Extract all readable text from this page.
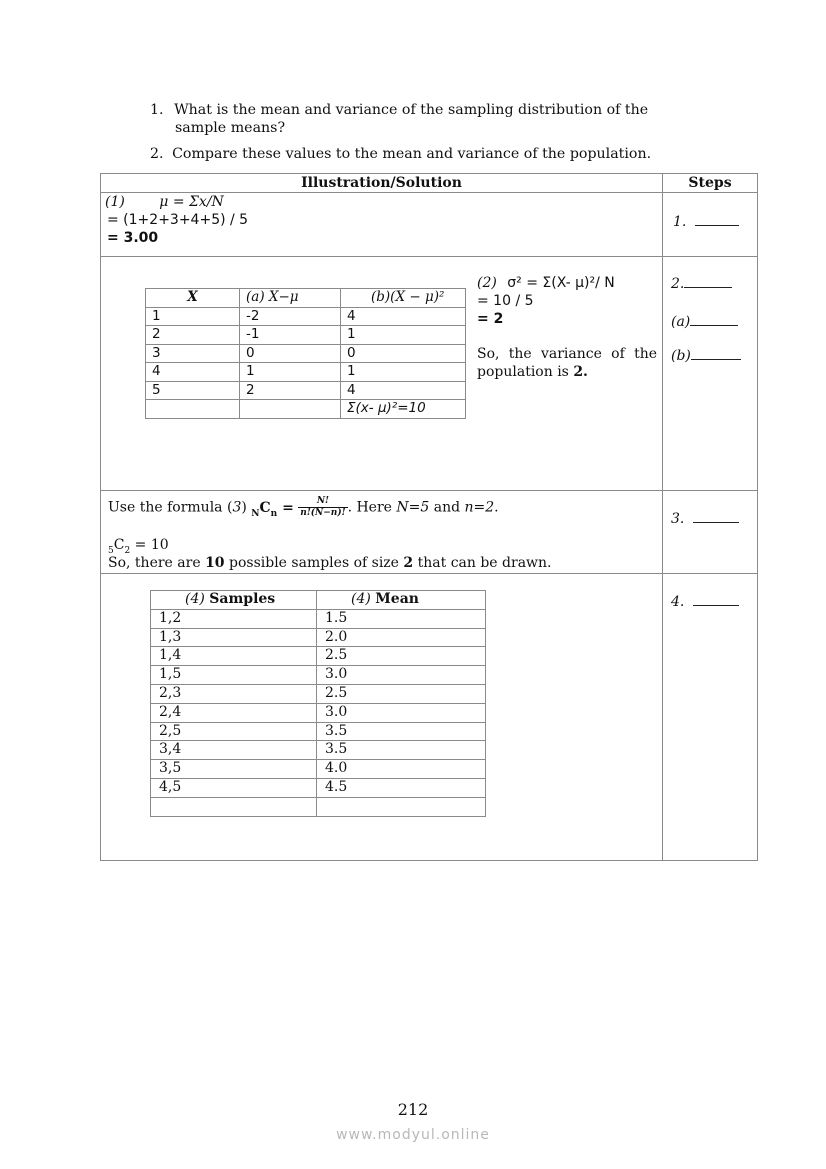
1. What is the mean and variance of the sampling distribution of the
sample means?
2. Compare these values to the mean and variance of the population.
Illustration/Solution	Steps

(1) μ = Σx/N
= (1+2+3+4+5) / 5
= 3.00

1.

X	(a) X−μ	(b)(X − μ)²
1	-2	4
2	-1	1
3	0	0
4	1	1
5	2	4
		Σ(x- μ)²=10
(2) σ² = Σ(X- μ)²/ N
= 10 / 5
= 2
So, the variance of the
population is 2.

2.
(a)
(b)

Use the formula (3) $_NC_n = \frac{N!}{n!(N-n)!}$ . Here N=5 and n=2.
$_5C_2 = 10$
So, there are 10 possible samples of size 2 that can be drawn.

3.

(4) Samples	(4) Mean
1,2	1.5
1,3	2.0
1,4	2.5
1,5	3.0
2,3	2.5
2,4	3.0
2,5	3.5
3,4	3.5
3,5	4.0
4,5	4.5

4.
212
www.modyul.online
